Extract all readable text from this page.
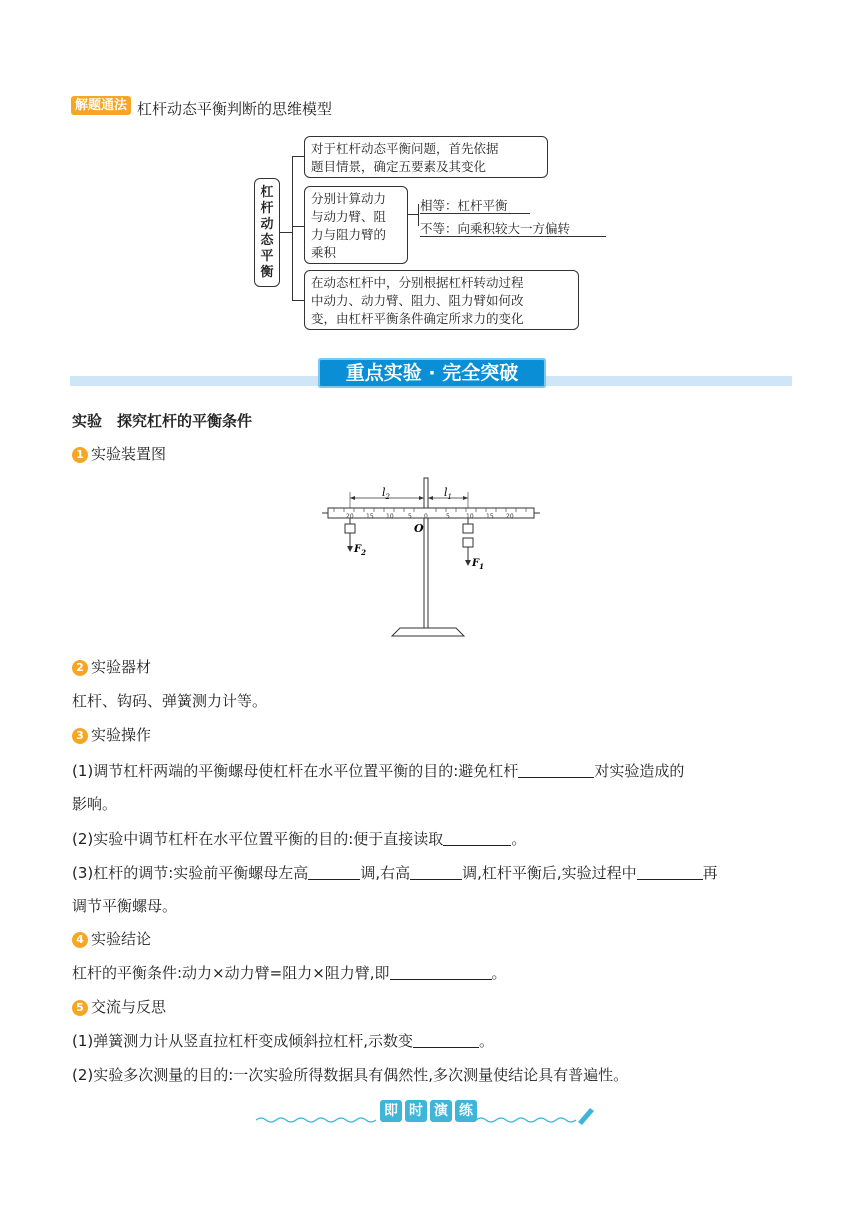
解题通法 杠杆动态平衡判断的思维模型
杠杆动态平衡
对于杠杆动态平衡问题，首先依据
题目情景，确定五要素及其变化
分别计算动力
与动力臂、阻
力与阻力臂的
乘积
相等：杠杆平衡
不等：向乘积较大一方偏转
在动态杠杆中，分别根据杠杆转动过程
中动力、动力臂、阻力、阻力臂如何改
变，由杠杆平衡条件确定所求力的变化
重点实验 · 完全突破
实验　探究杠杆的平衡条件
1 实验装置图
20 15 10 5 0	5	10 15 20
$l_2$	$l_1$
O
$F_2$
$F_1$
2 实验器材
杠杆、钩码、弹簧测力计等。
3 实验操作
(1)调节杠杆两端的平衡螺母使杠杆在水平位置平衡的目的:避免杠杆	对实验造成的
影响。
(2)实验中调节杠杆在水平位置平衡的目的:便于直接读取	。
(3)杠杆的调节:实验前平衡螺母左高	调,右高	调,杠杆平衡后,实验过程中	再
调节平衡螺母。
4 实验结论
杠杆的平衡条件:动力×动力臂=阻力×阻力臂,即	。
5 交流与反思
(1)弹簧测力计从竖直拉杠杆变成倾斜拉杠杆,示数变	。
(2)实验多次测量的目的:一次实验所得数据具有偶然性,多次测量使结论具有普遍性。
即 时 演 练
